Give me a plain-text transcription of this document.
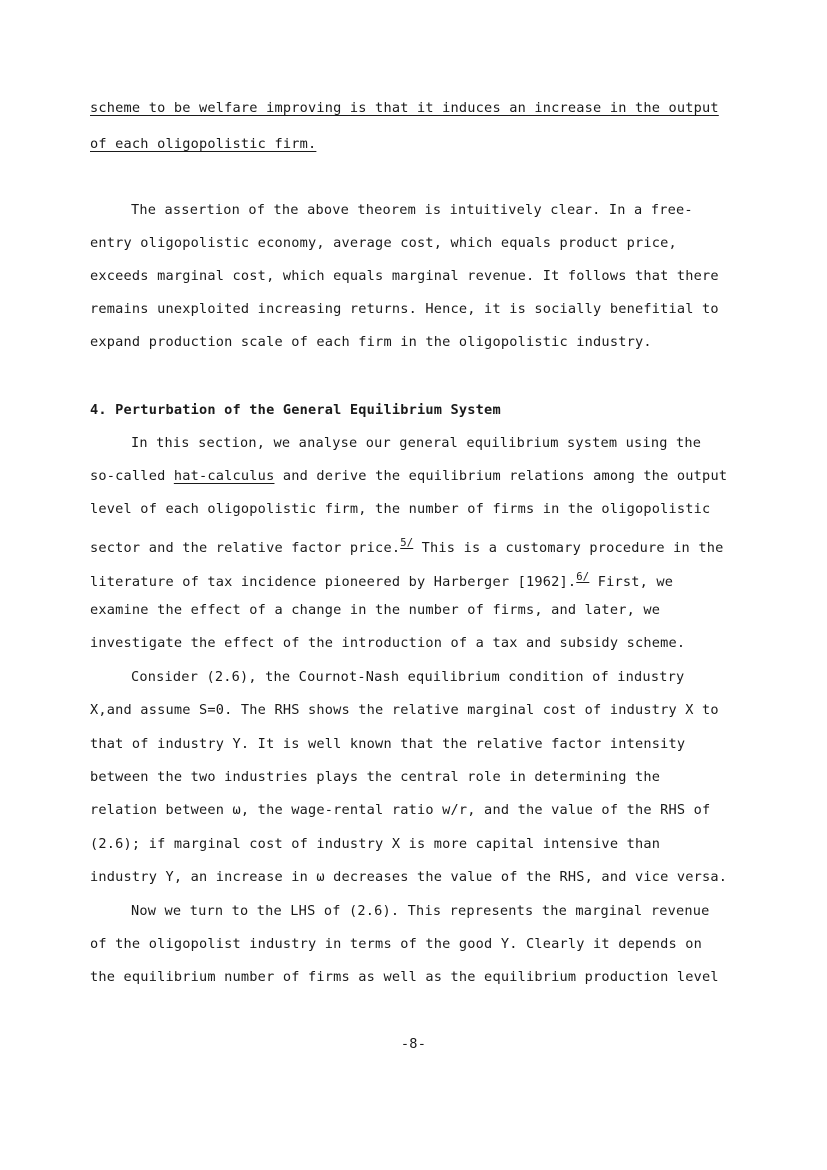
scheme to be welfare improving is that it induces an increase in the output
of each oligopolistic firm.
The assertion of the above theorem is intuitively clear. In a free-
entry oligopolistic economy, average cost, which equals product price,
exceeds marginal cost, which equals marginal revenue. It follows that there
remains unexploited increasing returns. Hence, it is socially benefitial to
expand production scale of each firm in the oligopolistic industry.
4. Perturbation of the General Equilibrium System
In this section, we analyse our general equilibrium system using the
so-called hat-calculus and derive the equilibrium relations among the output
level of each oligopolistic firm, the number of firms in the oligopolistic
sector and the relative factor price.$^{5/}$ This is a customary procedure in the
literature of tax incidence pioneered by Harberger [1962].$^{6/}$ First, we
examine the effect of a change in the number of firms, and later, we
investigate the effect of the introduction of a tax and subsidy scheme.
Consider (2.6), the Cournot-Nash equilibrium condition of industry
X,and assume S=0. The RHS shows the relative marginal cost of industry X to
that of industry Y. It is well known that the relative factor intensity
between the two industries plays the central role in determining the
relation between ω, the wage-rental ratio w/r, and the value of the RHS of
(2.6); if marginal cost of industry X is more capital intensive than
industry Y, an increase in ω decreases the value of the RHS, and vice versa.
Now we turn to the LHS of (2.6). This represents the marginal revenue
of the oligopolist industry in terms of the good Y. Clearly it depends on
the equilibrium number of firms as well as the equilibrium production level
-8-
